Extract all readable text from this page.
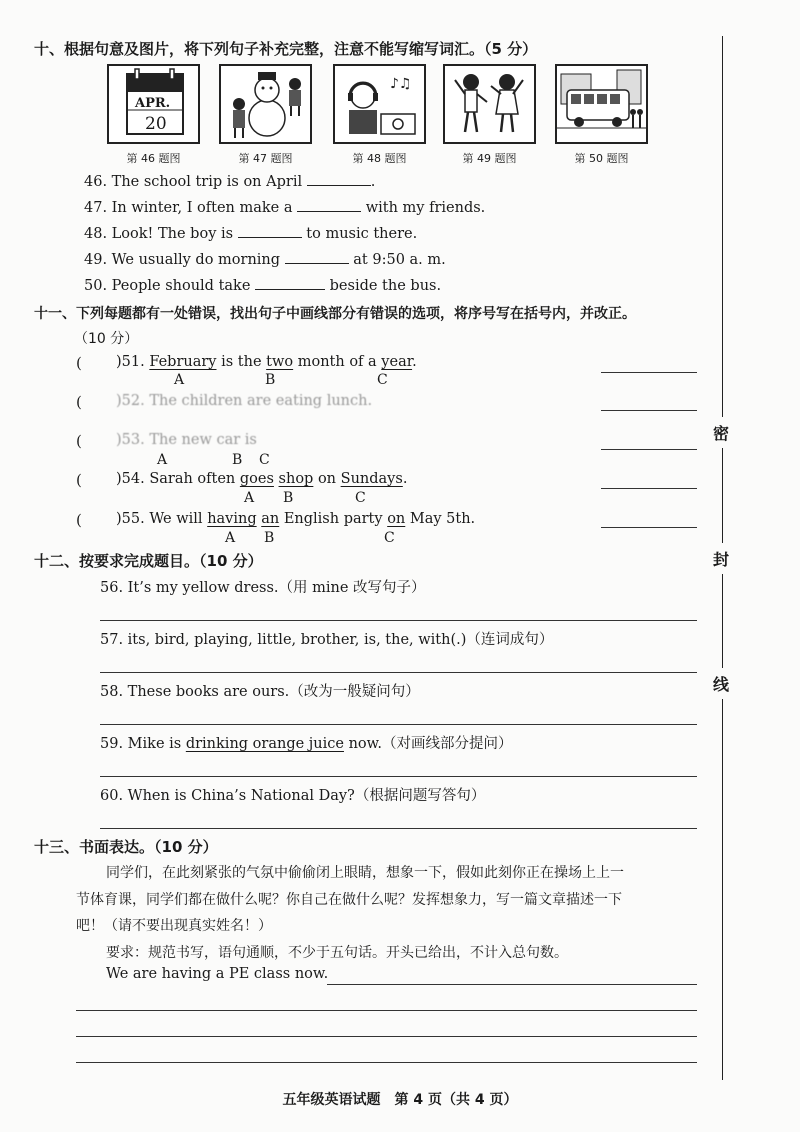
十、根据句意及图片，将下列句子补充完整，注意不能写缩写词汇。（5 分）
APR.
20
第 46 题图	第 47 题图
♪♫
第 48 题图	第 49 题图	第 50 题图
46. The school trip is on April	.
47. In winter, I often make a	with my friends.
48. Look! The boy is	to music there.
49. We usually do morning	at 9:50 a. m.
50. People should take	beside the bus.
十一、下列每题都有一处错误，找出句子中画线部分有错误的选项，将序号写在括号内，并改正。
（10 分）
( )51. February is the two month of a year.
A	B	C
( )52. The children are eating lunch.
( )53. The new car is
A	B C
( )54. Sarah often goes shop on Sundays.
A B	C
( )55. We will having an English party on May 5th.
A B	C
十二、按要求完成题目。（10 分）
56. It’s my yellow dress.（用 mine 改写句子）
57. its, bird, playing, little, brother, is, the, with(.)（连词成句）
58. These books are ours.（改为一般疑问句）
59. Mike is drinking orange juice now.（对画线部分提问）
60. When is China’s National Day?（根据问题写答句）
十三、书面表达。（10 分）
同学们，在此刻紧张的气氛中偷偷闭上眼睛，想象一下，假如此刻你正在操场上上一
节体育课，同学们都在做什么呢？你自己在做什么呢？发挥想象力，写一篇文章描述一下
吧！（请不要出现真实姓名！）
要求：规范书写，语句通顺，不少于五句话。开头已给出，不计入总句数。
We are having a PE class now.
密
封
线
五年级英语试题　第 4 页（共 4 页）
